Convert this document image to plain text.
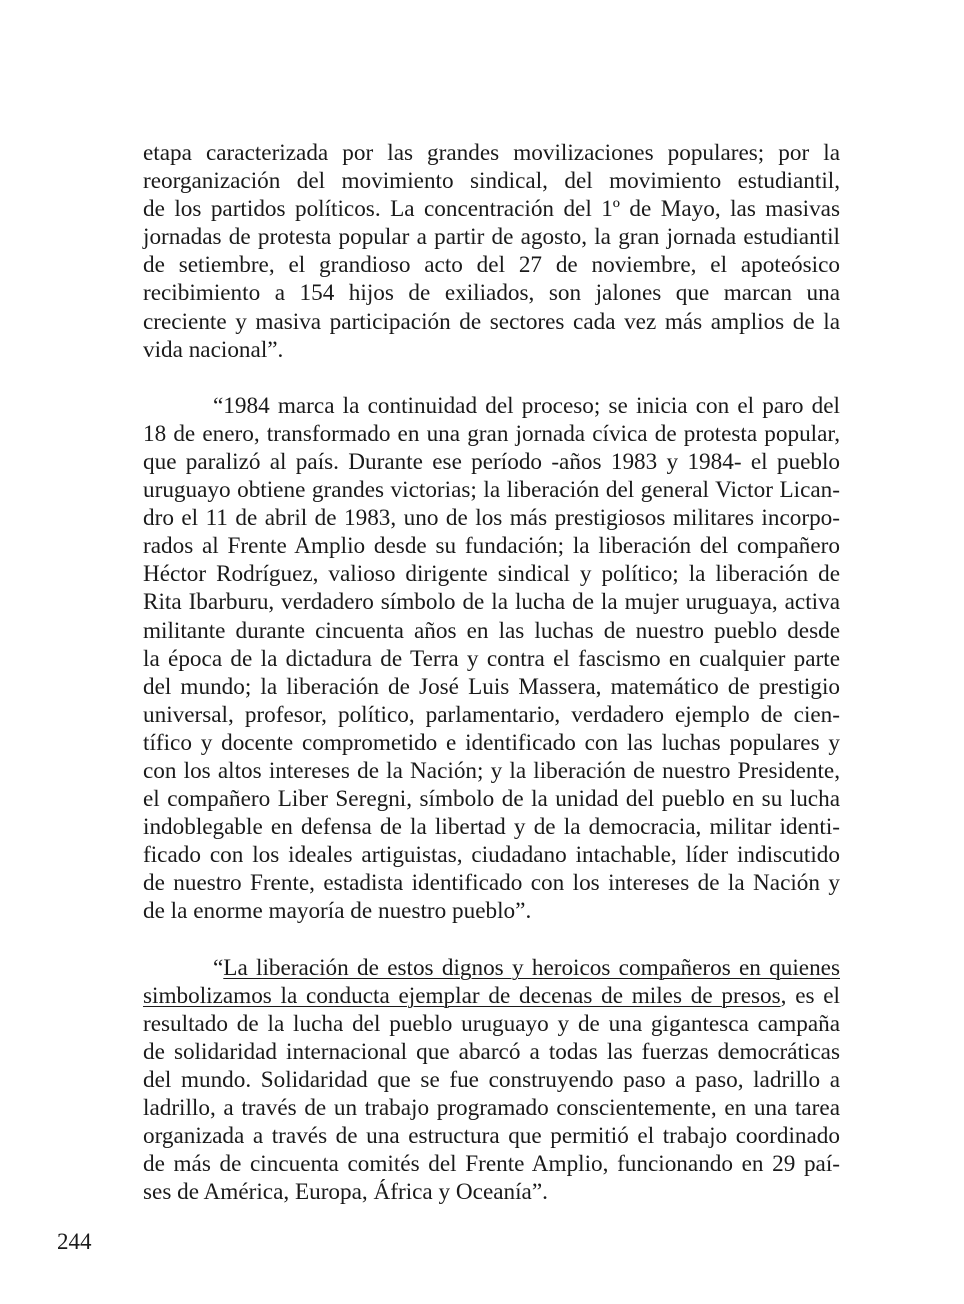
etapa caracterizada por las grandes movilizaciones populares; por la
reorganización del movimiento sindical, del movimiento estudiantil,
de los partidos políticos. La concentración del 1º de Mayo, las masivas
jornadas de protesta popular a partir de agosto, la gran jornada estudiantil
de setiembre, el grandioso acto del 27 de noviembre, el apoteósico
recibimiento a 154 hijos de exiliados, son jalones que marcan una
creciente y masiva participación de sectores cada vez más amplios de la
vida nacional”.
“1984 marca la continuidad del proceso; se inicia con el paro del
18 de enero, transformado en una gran jornada cívica de protesta popular,
que paralizó al país. Durante ese período -años 1983 y 1984- el pueblo
uruguayo obtiene grandes victorias; la liberación del general Victor Lican-
dro el 11 de abril de 1983, uno de los más prestigiosos militares incorpo-
rados al Frente Amplio desde su fundación; la liberación del compañero
Héctor Rodríguez, valioso dirigente sindical y político; la liberación de
Rita Ibarburu, verdadero símbolo de la lucha de la mujer uruguaya, activa
militante durante cincuenta años en las luchas de nuestro pueblo desde
la época de la dictadura de Terra y contra el fascismo en cualquier parte
del mundo; la liberación de José Luis Massera, matemático de prestigio
universal, profesor, político, parlamentario, verdadero ejemplo de cien-
tífico y docente comprometido e identificado con las luchas populares y
con los altos intereses de la Nación; y la liberación de nuestro Presidente,
el compañero Liber Seregni, símbolo de la unidad del pueblo en su lucha
indoblegable en defensa de la libertad y de la democracia, militar identi-
ficado con los ideales artiguistas, ciudadano intachable, líder indiscutido
de nuestro Frente, estadista identificado con los intereses de la Nación y
de la enorme mayoría de nuestro pueblo”.
“La liberación de estos dignos y heroicos compañeros en quienes
simbolizamos la conducta ejemplar de decenas de miles de presos, es el
resultado de la lucha del pueblo uruguayo y de una gigantesca campaña
de solidaridad internacional que abarcó a todas las fuerzas democráticas
del mundo. Solidaridad que se fue construyendo paso a paso, ladrillo a
ladrillo, a través de un trabajo programado conscientemente, en una tarea
organizada a través de una estructura que permitió el trabajo coordinado
de más de cincuenta comités del Frente Amplio, funcionando en 29 paí-
ses de América, Europa, África y Oceanía”.
244
